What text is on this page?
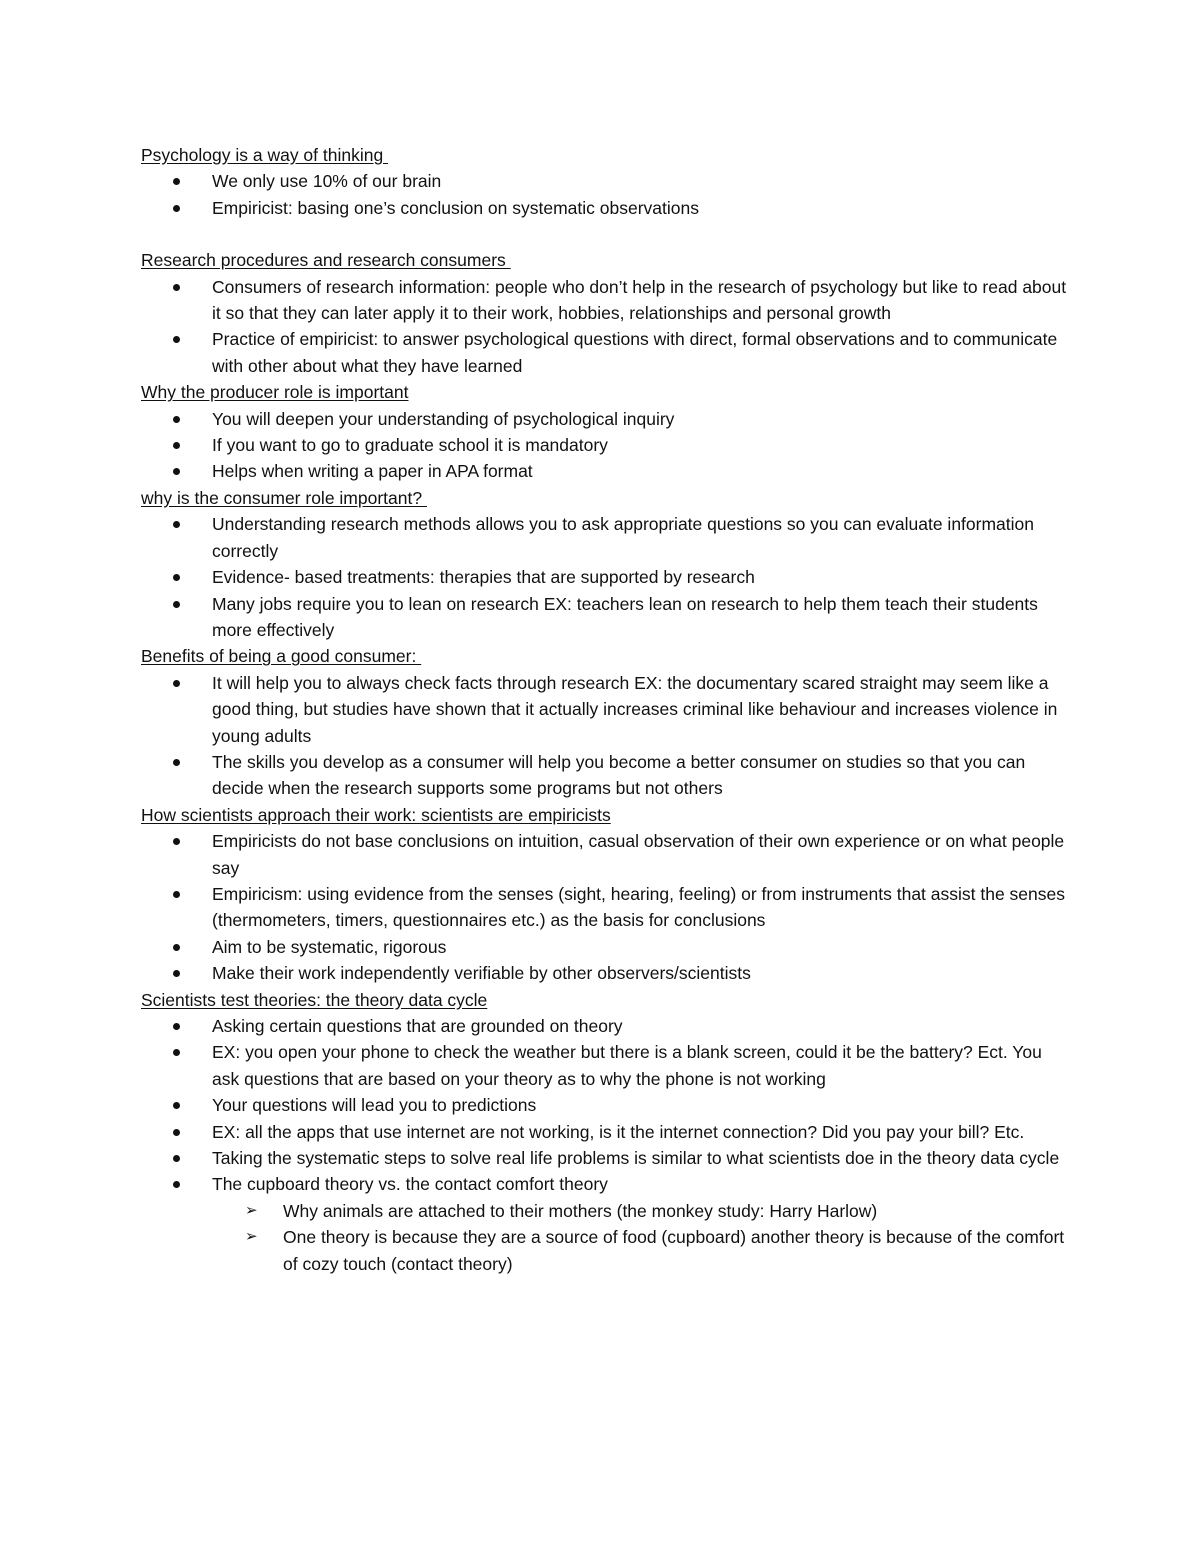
Psychology is a way of thinking

We only use 10% of our brain
Empiricist: basing one’s conclusion on systematic observations

Research procedures and research consumers

Consumers of research information: people who don’t help in the research of psychology but like to read about it so that they can later apply it to their work, hobbies, relationships and personal growth
Practice of empiricist: to answer psychological questions with direct, formal observations and to communicate with other about what they have learned

Why the producer role is important

You will deepen your understanding of psychological inquiry
If you want to go to graduate school it is mandatory
Helps when writing a paper in APA format

why is the consumer role important?

Understanding research methods allows you to ask appropriate questions so you can evaluate information correctly
Evidence- based treatments: therapies that are supported by research
Many jobs require you to lean on research EX: teachers lean on research to help them teach their students more effectively

Benefits of being a good consumer:

It will help you to always check facts through research EX: the documentary scared straight may seem like a good thing, but studies have shown that it actually increases criminal like behaviour and increases violence in young adults
The skills you develop as a consumer will help you become a better consumer on studies so that you can decide when the research supports some programs but not others

How scientists approach their work: scientists are empiricists

Empiricists do not base conclusions on intuition, casual observation of their own experience or on what people say
Empiricism: using evidence from the senses (sight, hearing, feeling) or from instruments that assist the senses (thermometers, timers, questionnaires etc.) as the basis for conclusions
Aim to be systematic, rigorous
Make their work independently verifiable by other observers/scientists

Scientists test theories: the theory data cycle

Asking certain questions that are grounded on theory
EX: you open your phone to check the weather but there is a blank screen, could it be the battery? Ect. You ask questions that are based on your theory as to why the phone is not working
Your questions will lead you to predictions
EX: all the apps that use internet are not working, is it the internet connection? Did you pay your bill? Etc.
Taking the systematic steps to solve real life problems is similar to what scientists doe in the theory data cycle
The cupboard theory vs. the contact comfort theory
➢ Why animals are attached to their mothers (the monkey study: Harry Harlow)
➢ One theory is because they are a source of food (cupboard) another theory is because of the comfort of cozy touch (contact theory)
